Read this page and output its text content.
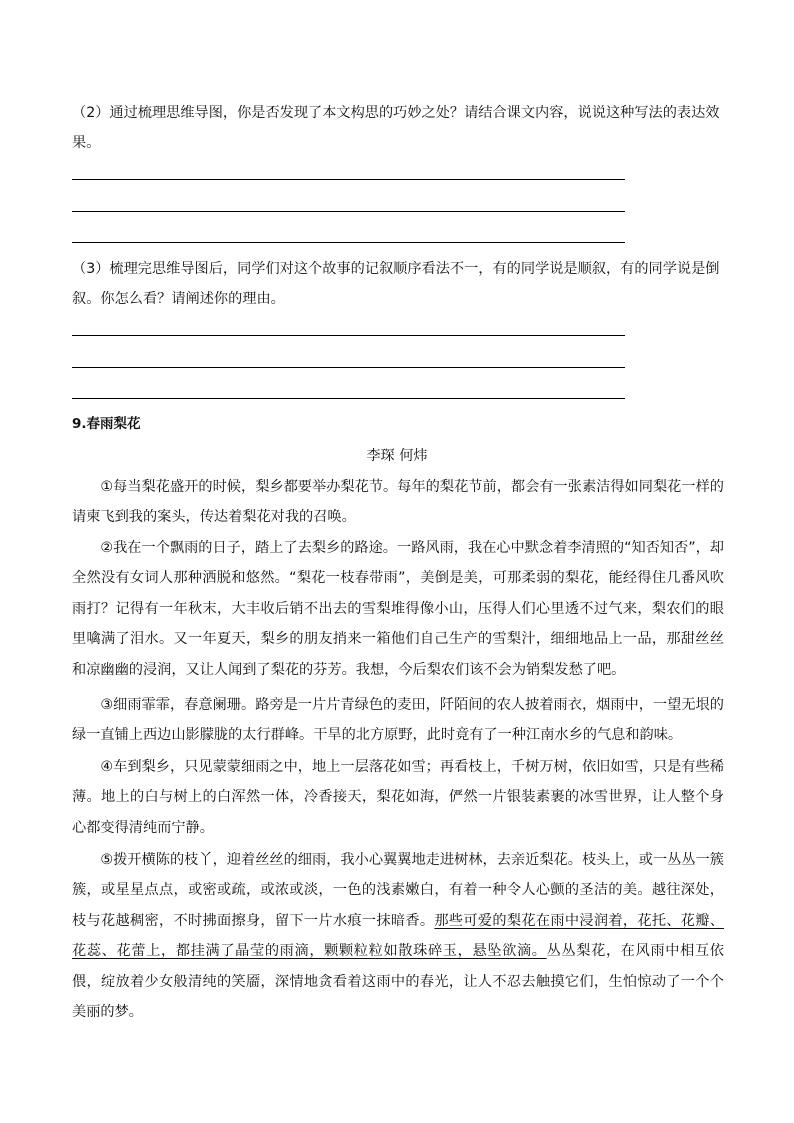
（2）通过梳理思维导图，你是否发现了本文构思的巧妙之处？请结合课文内容，说说这种写法的表达效果。

（3）梳理完思维导图后，同学们对这个故事的记叙顺序看法不一，有的同学说是顺叙，有的同学说是倒叙。你怎么看？请阐述你的理由。

9.春雨梨花

李琛 何炜

①每当梨花盛开的时候，梨乡都要举办梨花节。每年的梨花节前，都会有一张素洁得如同梨花一样的请柬飞到我的案头，传达着梨花对我的召唤。

②我在一个飘雨的日子，踏上了去梨乡的路途。一路风雨，我在心中默念着李清照的“知否知否”，却全然没有女词人那种洒脱和悠然。“梨花一枝春带雨”，美倒是美，可那柔弱的梨花，能经得住几番风吹雨打？记得有一年秋末，大丰收后销不出去的雪梨堆得像小山，压得人们心里透不过气来，梨农们的眼里噙满了泪水。又一年夏天，梨乡的朋友捎来一箱他们自己生产的雪梨汁，细细地品上一品，那甜丝丝和凉幽幽的浸润，又让人闻到了梨花的芬芳。我想，今后梨农们该不会为销梨发愁了吧。

③细雨霏霏，春意阑珊。路旁是一片片青绿色的麦田，阡陌间的农人披着雨衣，烟雨中，一望无垠的绿一直铺上西边山影朦胧的太行群峰。干旱的北方原野，此时竟有了一种江南水乡的气息和韵味。

④车到梨乡，只见蒙蒙细雨之中，地上一层落花如雪；再看枝上，千树万树，依旧如雪，只是有些稀薄。地上的白与树上的白浑然一体，冷香接天，梨花如海，俨然一片银装素裹的冰雪世界，让人整个身心都变得清纯而宁静。

⑤拨开横陈的枝丫，迎着丝丝的细雨，我小心翼翼地走进树林，去亲近梨花。枝头上，或一丛丛一簇簇，或星星点点，或密或疏，或浓或淡，一色的浅素嫩白，有着一种令人心颤的圣洁的美。越往深处，枝与花越稠密，不时拂面擦身，留下一片水痕一抹暗香。那些可爱的梨花在雨中浸润着，花托、花瓣、花蕊、花蕾上，都挂满了晶莹的雨滴，颗颗粒粒如散珠碎玉，悬坠欲滴。丛丛梨花，在风雨中相互依偎，绽放着少女般清纯的笑靥，深情地贪看着这雨中的春光，让人不忍去触摸它们，生怕惊动了一个个美丽的梦。
